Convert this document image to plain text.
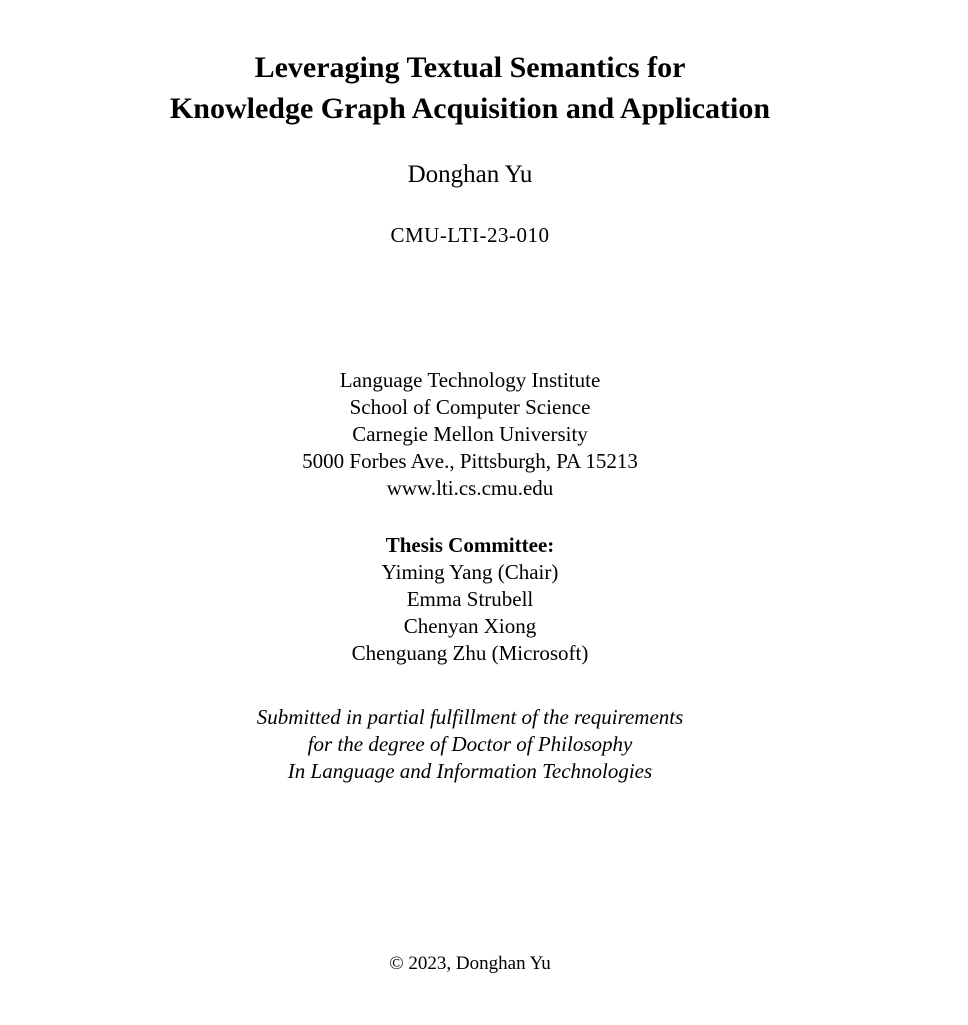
Leveraging Textual Semantics for
Knowledge Graph Acquisition and Application
Donghan Yu
CMU-LTI-23-010
Language Technology Institute
School of Computer Science
Carnegie Mellon University
5000 Forbes Ave., Pittsburgh, PA 15213
www.lti.cs.cmu.edu
Thesis Committee:
Yiming Yang (Chair)
Emma Strubell
Chenyan Xiong
Chenguang Zhu (Microsoft)
Submitted in partial fulfillment of the requirements
for the degree of Doctor of Philosophy
In Language and Information Technologies
© 2023, Donghan Yu
